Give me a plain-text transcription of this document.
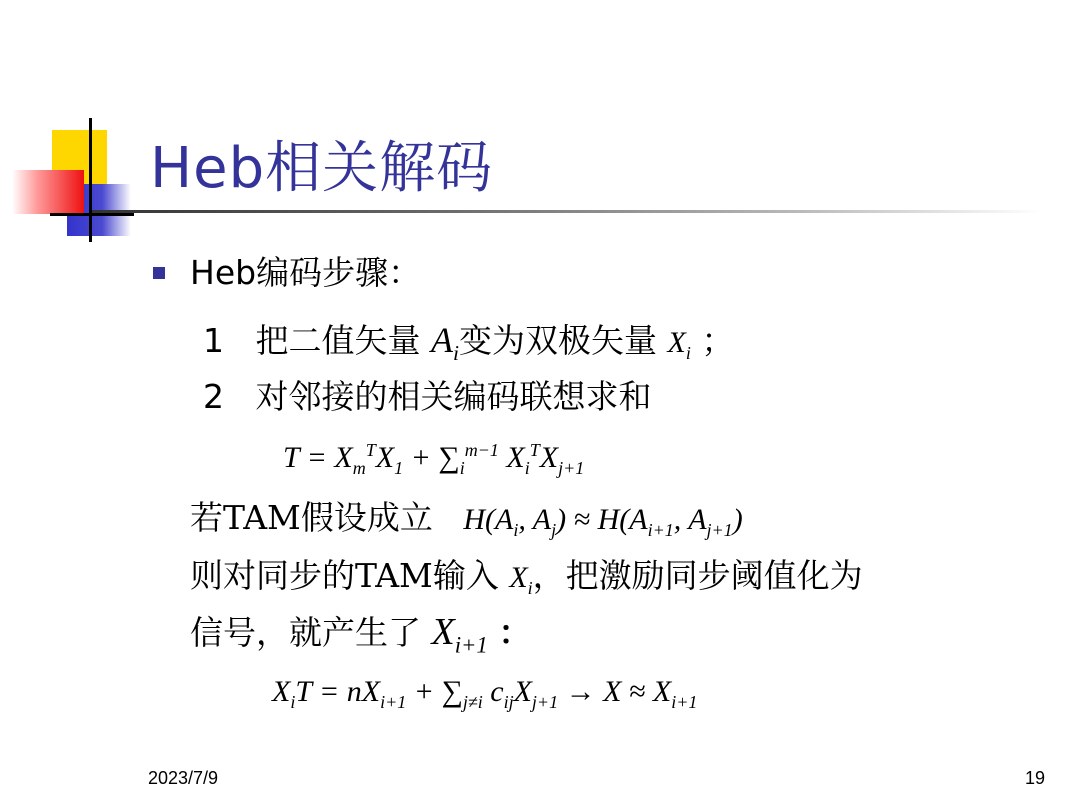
Heb相关解码
Heb编码步骤：
1 把二值矢量 $A_i$变为双极矢量 $X_i$ ；
2 对邻接的相关编码联想求和
$T = X_m^TX_1 + \sum_i^{m-1}$ $X_i^TX_{j+1}$
若TAM假设成立 $H(A_i$, $A_j) \approx H(A_{i+1}$, $A_{j+1}$)
则对同步的TAM输入 $X_i$，把激励同步阈值化为
信号，就产生了 $X_{i+1}$ ：
$X_iT = nX_{i+1} + \sum_{j\ne i}$ $c_{ij}X_{j+1} \to X \approx X_{i+1}$
2023/7/9	19
